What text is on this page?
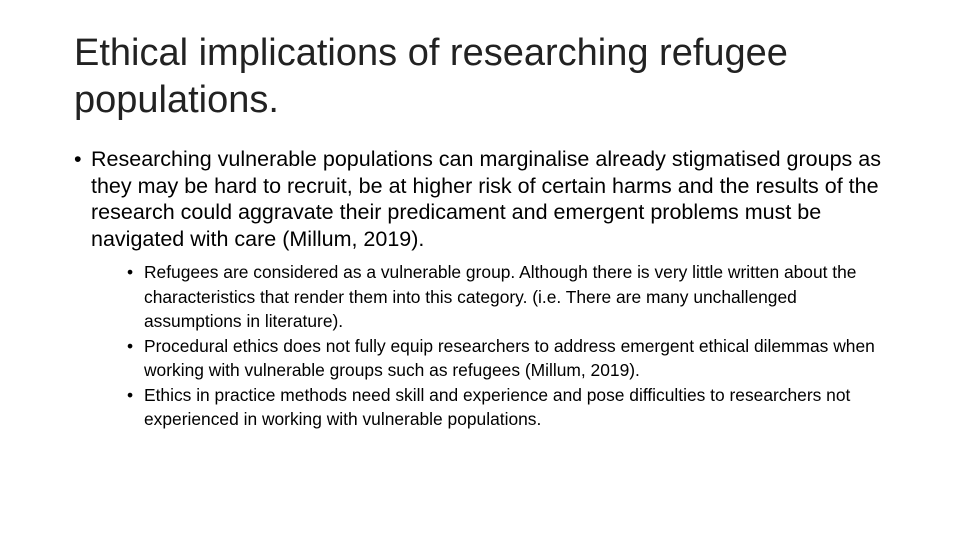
Ethical implications of researching refugee populations.
• Researching vulnerable populations can marginalise already stigmatised groups as they may be hard to recruit, be at higher risk of certain harms and the results of the research could aggravate their predicament and emergent problems must be navigated with care (Millum, 2019).
• Refugees are considered as a vulnerable group. Although there is very little written about the characteristics that render them into this category. (i.e. There are many unchallenged assumptions in literature).
• Procedural ethics does not fully equip researchers to address emergent ethical dilemmas when working with vulnerable groups such as refugees (Millum, 2019).
• Ethics in practice methods need skill and experience and pose difficulties to researchers not experienced in working with vulnerable populations.
